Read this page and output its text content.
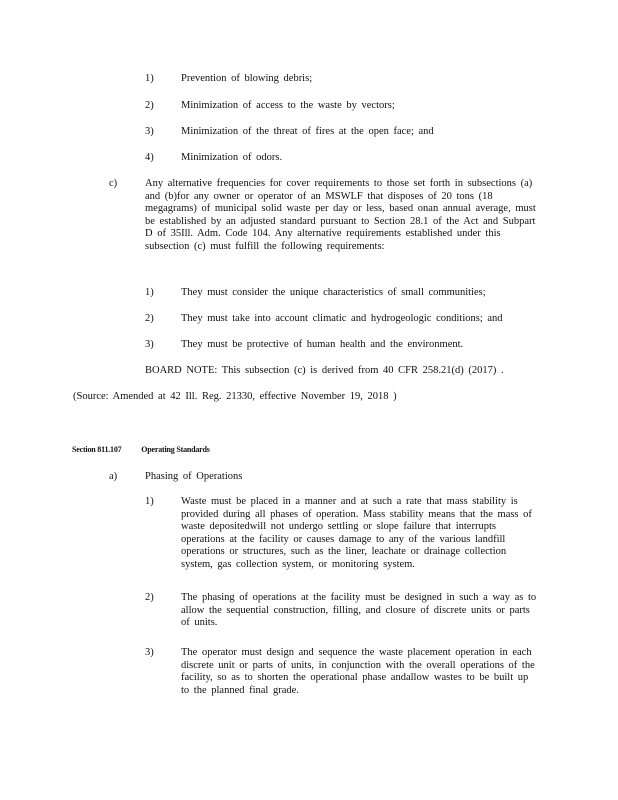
1)	Prevention of blowing debris;
2)	Minimization of access to the waste by vectors;
3)	Minimization of the threat of fires at the open face; and
4)	Minimization of odors.
c)	Any alternative frequencies for cover requirements to those set forth in subsections (a) and (b)for any owner or operator of an MSWLF that disposes of 20 tons (18 megagrams) of municipal solid waste per day or less, based onan annual average, must be established by an adjusted standard pursuant to Section 28.1 of the Act and Subpart D of 35Ill. Adm. Code 104. Any alternative requirements established under this subsection (c) must fulfill the following requirements:
1)	They must consider the unique characteristics of small communities;
2)	They must take into account climatic and hydrogeologic conditions; and
3)	They must be protective of human health and the environment.
BOARD NOTE: This subsection (c) is derived from 40 CFR 258.21(d) (2017) .
(Source: Amended at 42 Ill. Reg. 21330, effective November 19, 2018 )
Section 811.107 Operating Standards
a)	Phasing of Operations
1)	Waste must be placed in a manner and at such a rate that mass stability is provided during all phases of operation. Mass stability means that the mass of waste depositedwill not undergo settling or slope failure that interrupts operations at the facility or causes damage to any of the various landfill operations or structures, such as the liner, leachate or drainage collection system, gas collection system, or monitoring system.
2)	The phasing of operations at the facility must be designed in such a way as to allow the sequential construction, filling, and closure of discrete units or parts of units.
3)	The operator must design and sequence the waste placement operation in each discrete unit or parts of units, in conjunction with the overall operations of the facility, so as to shorten the operational phase andallow wastes to be built up to the planned final grade.
